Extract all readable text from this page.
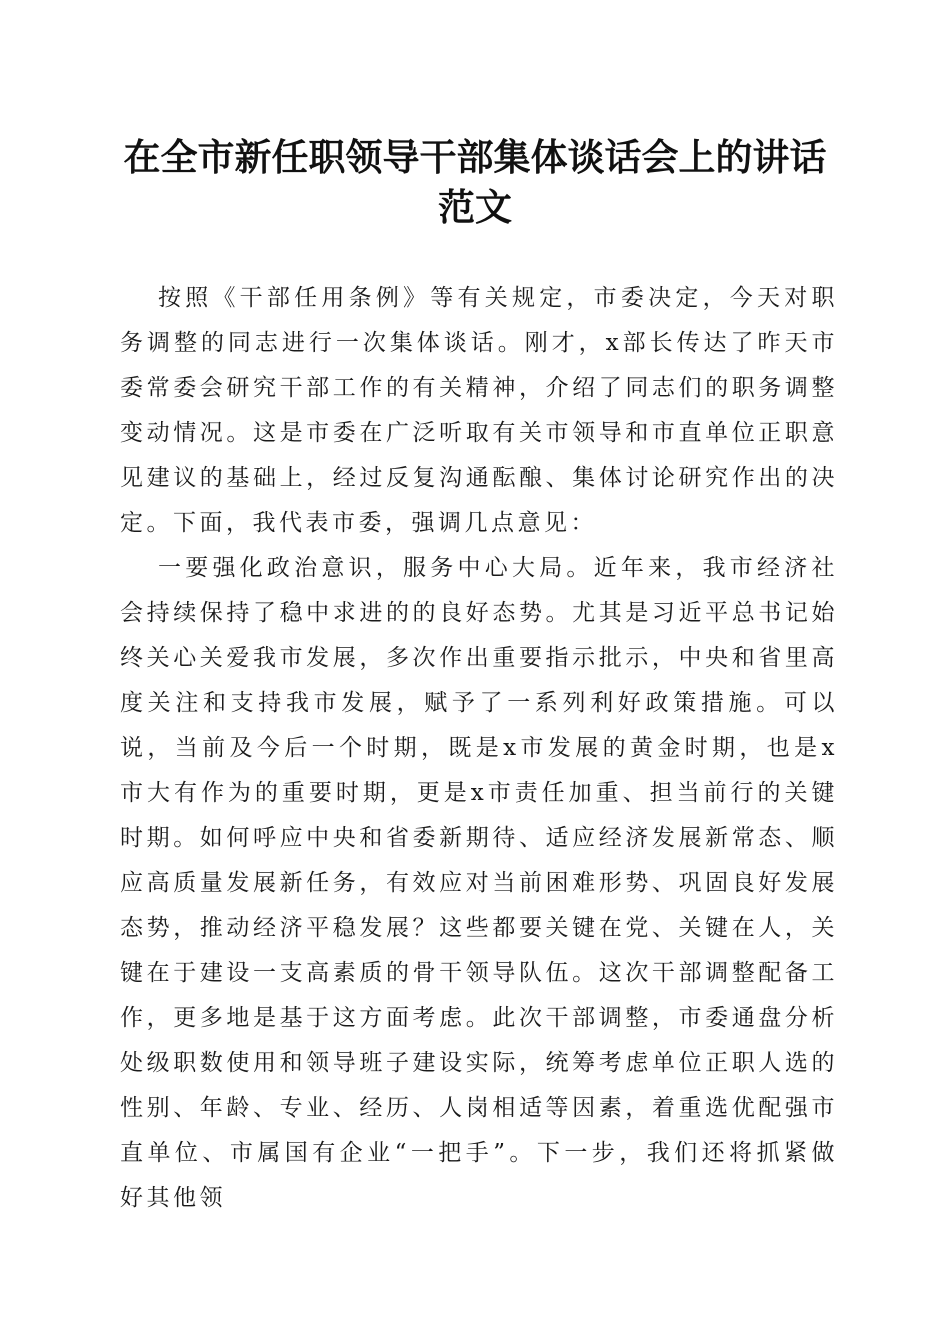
在全市新任职领导干部集体谈话会上的讲话范文

按照《干部任用条例》等有关规定，市委决定，今天对职务调整的同志进行一次集体谈话。刚才，x部长传达了昨天市委常委会研究干部工作的有关精神，介绍了同志们的职务调整变动情况。这是市委在广泛听取有关市领导和市直单位正职意见建议的基础上，经过反复沟通酝酿、集体讨论研究作出的决定。下面，我代表市委，强调几点意见：

一要强化政治意识，服务中心大局。近年来，我市经济社会持续保持了稳中求进的的良好态势。尤其是习近平总书记始终关心关爱我市发展，多次作出重要指示批示，中央和省里高度关注和支持我市发展，赋予了一系列利好政策措施。可以说，当前及今后一个时期，既是x市发展的黄金时期，也是x市大有作为的重要时期，更是x市责任加重、担当前行的关键时期。如何呼应中央和省委新期待、适应经济发展新常态、顺应高质量发展新任务，有效应对当前困难形势、巩固良好发展态势，推动经济平稳发展？这些都要关键在党、关键在人，关键在于建设一支高素质的骨干领导队伍。这次干部调整配备工作，更多地是基于这方面考虑。此次干部调整，市委通盘分析处级职数使用和领导班子建设实际，统筹考虑单位正职人选的性别、年龄、专业、经历、人岗相适等因素，着重选优配强市直单位、市属国有企业“一把手”。下一步，我们还将抓紧做好其他领
